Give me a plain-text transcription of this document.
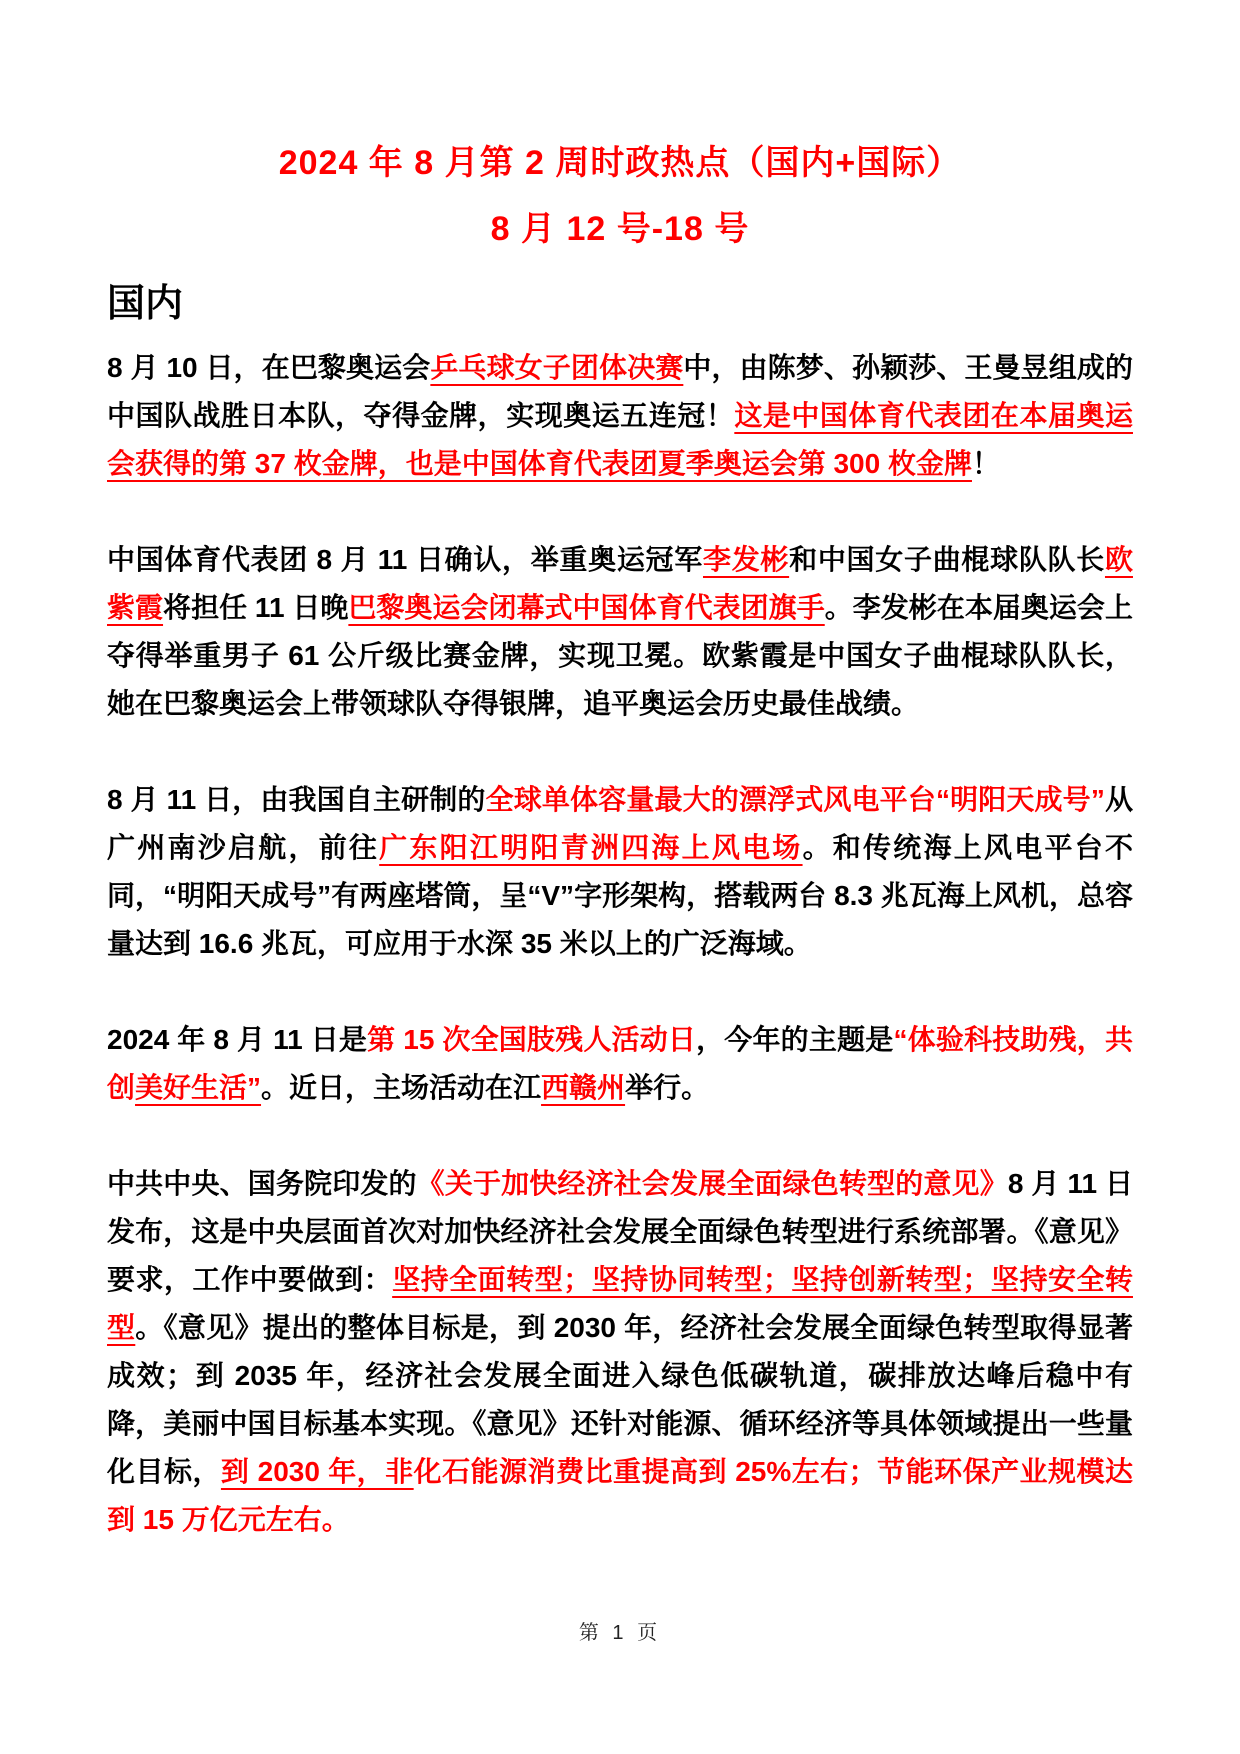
2024 年 8 月第 2 周时政热点（国内+国际）
8 月 12 号-18 号
国内

8 月 10 日，在巴黎奥运会乒乓球女子团体决赛中，由陈梦、孙颖莎、王曼昱组成的中国队战胜日本队，夺得金牌，实现奥运五连冠！这是中国体育代表团在本届奥运会获得的第 37 枚金牌，也是中国体育代表团夏季奥运会第 300 枚金牌！

中国体育代表团 8 月 11 日确认，举重奥运冠军李发彬和中国女子曲棍球队队长欧紫霞将担任 11 日晚巴黎奥运会闭幕式中国体育代表团旗手。李发彬在本届奥运会上夺得举重男子 61 公斤级比赛金牌，实现卫冕。欧紫霞是中国女子曲棍球队队长，她在巴黎奥运会上带领球队夺得银牌，追平奥运会历史最佳战绩。

8 月 11 日，由我国自主研制的全球单体容量最大的漂浮式风电平台“明阳天成号”从广州南沙启航，前往广东阳江明阳青洲四海上风电场。和传统海上风电平台不同，“明阳天成号”有两座塔筒，呈“V”字形架构，搭载两台 8.3 兆瓦海上风机，总容量达到 16.6 兆瓦，可应用于水深 35 米以上的广泛海域。

2024 年 8 月 11 日是第 15 次全国肢残人活动日，今年的主题是“体验科技助残，共创美好生活”。近日，主场活动在江西赣州举行。

中共中央、国务院印发的《关于加快经济社会发展全面绿色转型的意见》8 月 11 日发布，这是中央层面首次对加快经济社会发展全面绿色转型进行系统部署。《意见》要求，工作中要做到：坚持全面转型；坚持协同转型；坚持创新转型；坚持安全转型。《意见》提出的整体目标是，到 2030 年，经济社会发展全面绿色转型取得显著成效；到 2035 年，经济社会发展全面进入绿色低碳轨道，碳排放达峰后稳中有降，美丽中国目标基本实现。《意见》还针对能源、循环经济等具体领域提出一些量化目标，到 2030 年，非化石能源消费比重提高到 25%左右；节能环保产业规模达到 15 万亿元左右。

第 1 页
